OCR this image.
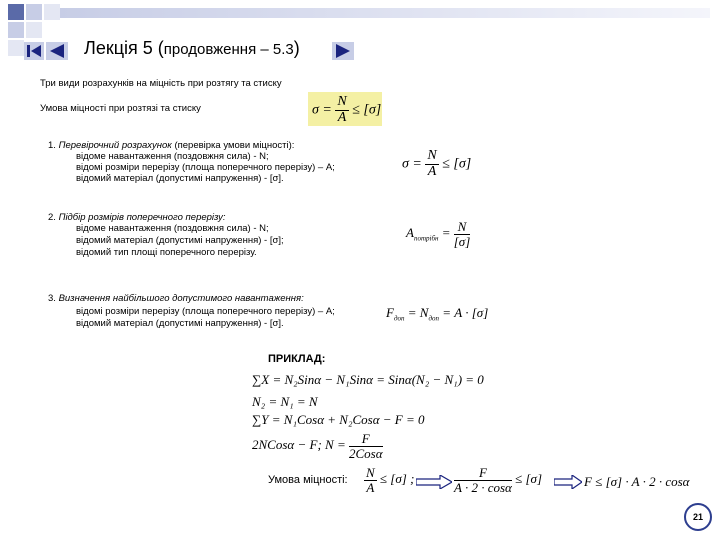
Лекція 5 (продовження – 5.3)
Три види розрахунків на міцність при розтягу та стиску
Умова міцності при розтязі та стиску	$\sigma = \frac{N}{A} \le [\sigma]$
1. Перевірочний розрахунок (перевірка умови міцності):
відоме навантаження (поздовжня сила) - N;
відомі розміри перерізу (площа поперечного перерізу) – A;
відомий матеріал (допустимі напруження) - [σ].
$\sigma = \frac{N}{A} \le [\sigma]$
2. Підбір розмірів поперечного перерізу:
відоме навантаження (поздовжня сила) - N;
відомий матеріал (допустимі напруження) - [σ];
відомий тип площі поперечного перерізу.
$A_{потрібн} = \frac{N}{[\sigma]}$
3. Визначення найбільшого допустимого навантаження:
відомі розміри перерізу (площа поперечного перерізу) – A;
відомий матеріал (допустимі напруження) - [σ].
$F_{доп} = N_{доп} = A \cdot [\sigma]$
ПРИКЛАД:
∑X = N₂Sinα − N₁Sinα = Sinα(N₂ − N₁) = 0
N₂ = N₁ = N
∑Y = N₁Cosα + N₂Cosα − F = 0
2NCosα − F; $N = \frac{F}{\text{2Cosα}}$
Умова міцності: $\frac{N}{A} \le [\sigma]$ ;	$\frac{F}{A \cdot 2 \cdot \cos\alpha} \le [\sigma]$	F ≤ [σ] · A · 2 · cosα
21
